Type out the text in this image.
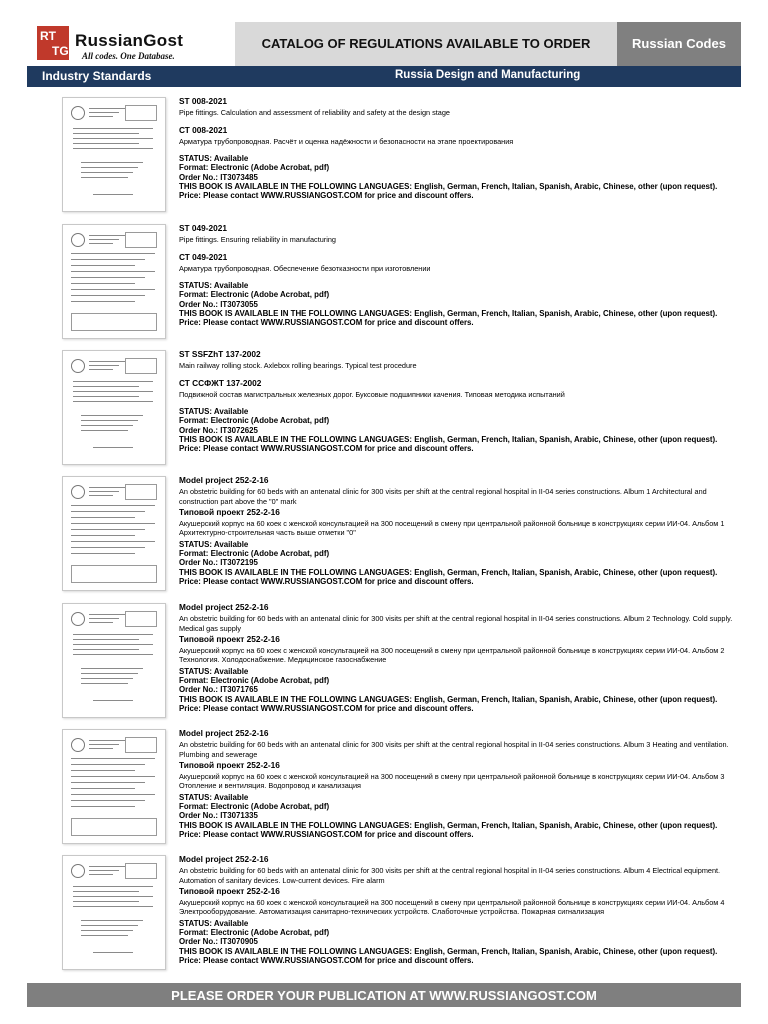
RT
TG
RussianGost
All codes. One Database.
CATALOG OF REGULATIONS AVAILABLE TO ORDER	Russian Codes
Industry Standards	Russia Design and Manufacturing
ST 008-2021
Pipe fittings. Calculation and assessment of reliability and safety at the design stage
СТ 008-2021
Арматура трубопроводная. Расчёт и оценка надёжности и безопасности на этапе проектирования
STATUS: Available
Format: Electronic (Adobe Acrobat, pdf)
Order No.: IT3073485
THIS BOOK IS AVAILABLE IN THE FOLLOWING LANGUAGES: English, German, French, Italian, Spanish, Arabic, Chinese, other (upon request).
Price: Please contact WWW.RUSSIANGOST.COM for price and discount offers.
ST 049-2021
Pipe fittings. Ensuring reliability in manufacturing
СТ 049-2021
Арматура трубопроводная. Обеспечение безотказности при изготовлении
STATUS: Available
Format: Electronic (Adobe Acrobat, pdf)
Order No.: IT3073055
THIS BOOK IS AVAILABLE IN THE FOLLOWING LANGUAGES: English, German, French, Italian, Spanish, Arabic, Chinese, other (upon request).
Price: Please contact WWW.RUSSIANGOST.COM for price and discount offers.
ST SSFZhT 137-2002
Main railway rolling stock. Axlebox rolling bearings. Typical test procedure
СТ ССФЖТ 137-2002
Подвижной состав магистральных железных дорог. Буксовые подшипники качения. Типовая методика испытаний
STATUS: Available
Format: Electronic (Adobe Acrobat, pdf)
Order No.: IT3072625
THIS BOOK IS AVAILABLE IN THE FOLLOWING LANGUAGES: English, German, French, Italian, Spanish, Arabic, Chinese, other (upon request).
Price: Please contact WWW.RUSSIANGOST.COM for price and discount offers.
Model project 252-2-16
An obstetric building for 60 beds with an antenatal clinic for 300 visits per shift at the central regional hospital in II-04 series constructions. Album 1 Architectural and construction part above the "0" mark
Типовой проект 252-2-16
Акушерский корпус на 60 коек с женской консультацией на 300 посещений в смену при центральной районной больнице в конструкциях серии ИИ-04. Альбом 1 Архитектурно-строительная часть выше отметки "0"
STATUS: Available
Format: Electronic (Adobe Acrobat, pdf)
Order No.: IT3072195
THIS BOOK IS AVAILABLE IN THE FOLLOWING LANGUAGES: English, German, French, Italian, Spanish, Arabic, Chinese, other (upon request).
Price: Please contact WWW.RUSSIANGOST.COM for price and discount offers.
Model project 252-2-16
An obstetric building for 60 beds with an antenatal clinic for 300 visits per shift at the central regional hospital in II-04 series constructions. Album 2 Technology. Cold supply. Medical gas supply
Типовой проект 252-2-16
Акушерский корпус на 60 коек с женской консультацией на 300 посещений в смену при центральной районной больнице в конструкциях серии ИИ-04. Альбом 2 Технология. Холодоснабжение. Медицинское газоснабжение
STATUS: Available
Format: Electronic (Adobe Acrobat, pdf)
Order No.: IT3071765
THIS BOOK IS AVAILABLE IN THE FOLLOWING LANGUAGES: English, German, French, Italian, Spanish, Arabic, Chinese, other (upon request).
Price: Please contact WWW.RUSSIANGOST.COM for price and discount offers.
Model project 252-2-16
An obstetric building for 60 beds with an antenatal clinic for 300 visits per shift at the central regional hospital in II-04 series constructions. Album 3 Heating and ventilation. Plumbing and sewerage
Типовой проект 252-2-16
Акушерский корпус на 60 коек с женской консультацией на 300 посещений в смену при центральной районной больнице в конструкциях серии ИИ-04. Альбом 3 Отопление и вентиляция. Водопровод и канализация
STATUS: Available
Format: Electronic (Adobe Acrobat, pdf)
Order No.: IT3071335
THIS BOOK IS AVAILABLE IN THE FOLLOWING LANGUAGES: English, German, French, Italian, Spanish, Arabic, Chinese, other (upon request).
Price: Please contact WWW.RUSSIANGOST.COM for price and discount offers.
Model project 252-2-16
An obstetric building for 60 beds with an antenatal clinic for 300 visits per shift at the central regional hospital in II-04 series constructions. Album 4 Electrical equipment. Automation of sanitary devices. Low-current devices. Fire alarm
Типовой проект 252-2-16
Акушерский корпус на 60 коек с женской консультацией на 300 посещений в смену при центральной районной больнице в конструкциях серии ИИ-04. Альбом 4 Электрооборудование. Автоматизация санитарно-технических устройств. Слаботочные устройства. Пожарная сигнализация
STATUS: Available
Format: Electronic (Adobe Acrobat, pdf)
Order No.: IT3070905
THIS BOOK IS AVAILABLE IN THE FOLLOWING LANGUAGES: English, German, French, Italian, Spanish, Arabic, Chinese, other (upon request).
Price: Please contact WWW.RUSSIANGOST.COM for price and discount offers.
PLEASE ORDER YOUR PUBLICATION AT WWW.RUSSIANGOST.COM
